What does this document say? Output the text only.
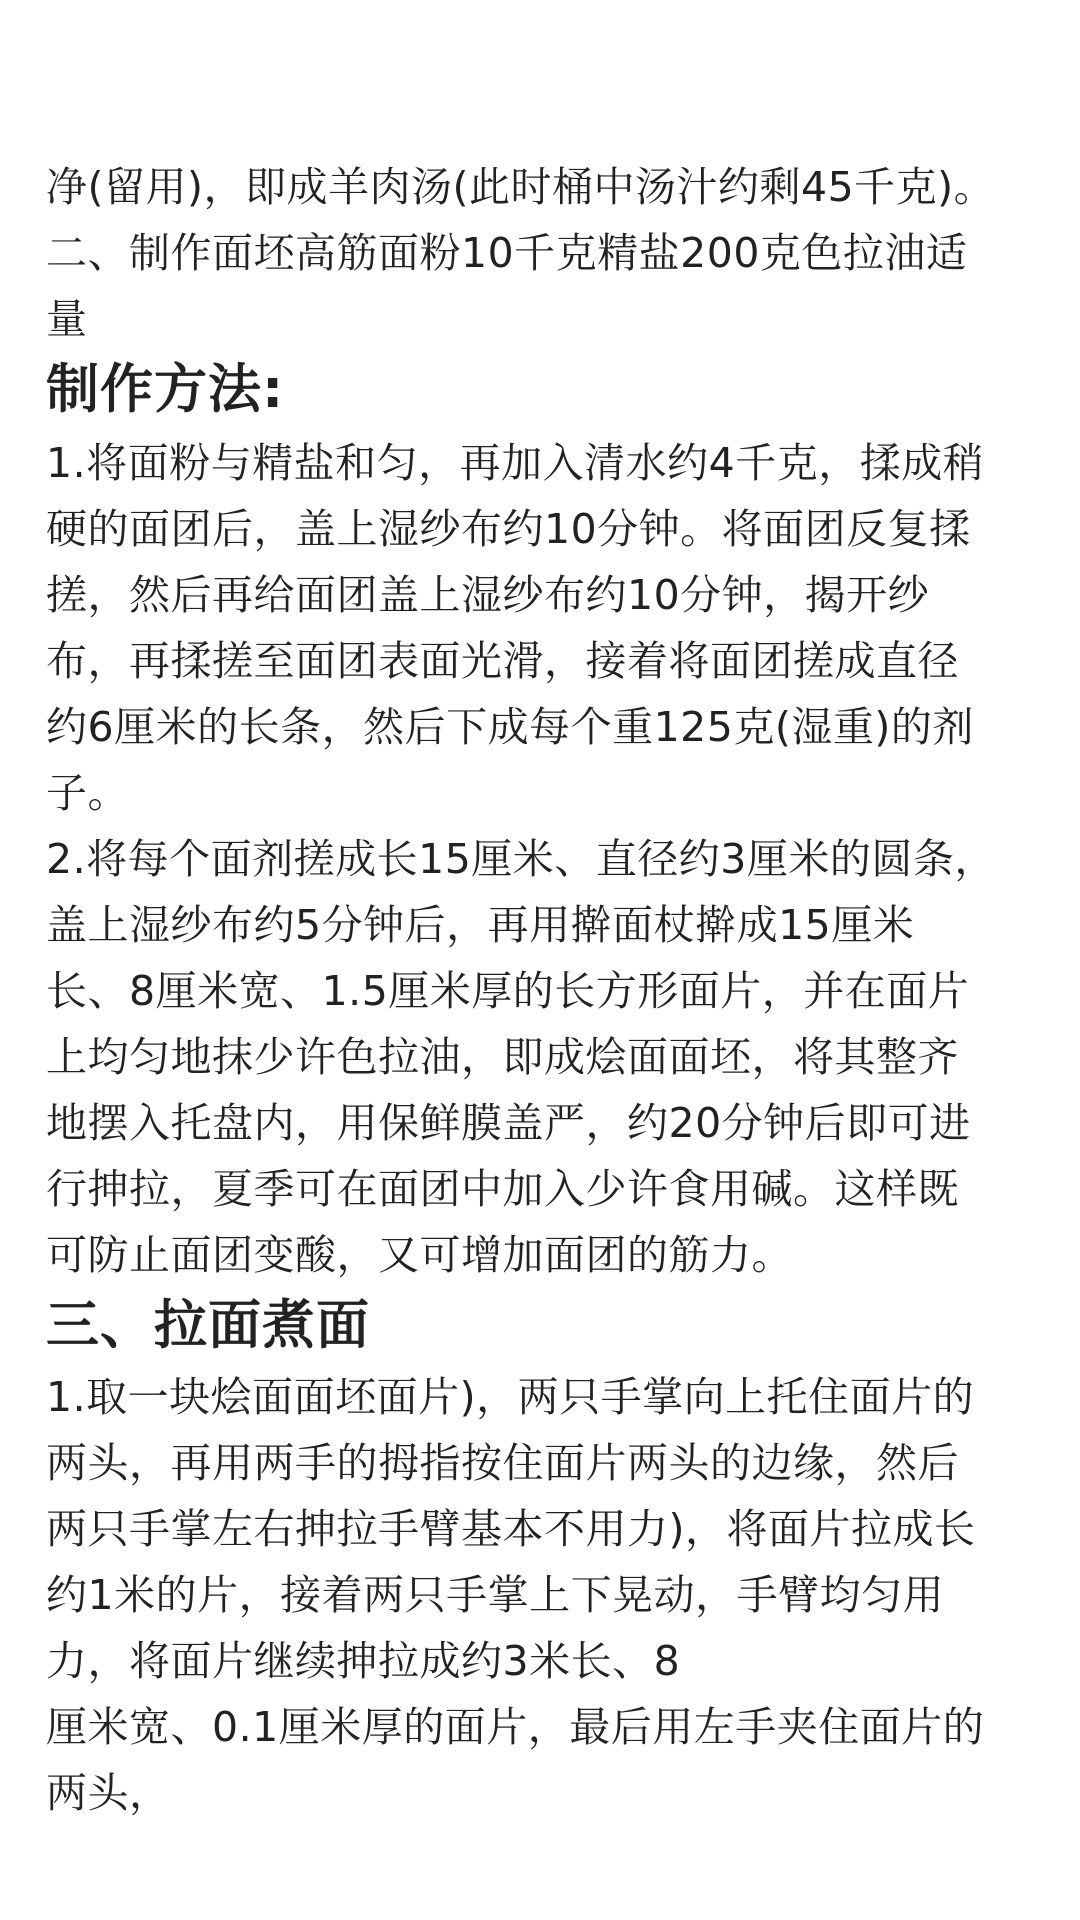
净(留用)，即成羊肉汤(此时桶中汤汁约剩45千克)。
二、制作面坯高筋面粉10千克精盐200克色拉油适
量

制作方法:

1.将面粉与精盐和匀，再加入清水约4千克，揉成稍
硬的面团后，盖上湿纱布约10分钟。将面团反复揉
搓，然后再给面团盖上湿纱布约10分钟，揭开纱
布，再揉搓至面团表面光滑，接着将面团搓成直径
约6厘米的长条，然后下成每个重125克(湿重)的剂
子。

2.将每个面剂搓成长15厘米、直径约3厘米的圆条，
盖上湿纱布约5分钟后，再用擀面杖擀成15厘米
长、8厘米宽、1.5厘米厚的长方形面片，并在面片
上均匀地抹少许色拉油，即成烩面面坯，将其整齐
地摆入托盘内，用保鲜膜盖严，约20分钟后即可进
行抻拉，夏季可在面团中加入少许食用碱。这样既
可防止面团变酸，又可增加面团的筋力。

三、拉面煮面

1.取一块烩面面坯面片)，两只手掌向上托住面片的
两头，再用两手的拇指按住面片两头的边缘，然后
两只手掌左右抻拉手臂基本不用力)，将面片拉成长
约1米的片，接着两只手掌上下晃动，手臂均匀用
力，将面片继续抻拉成约3米长、8
厘米宽、0.1厘米厚的面片，最后用左手夹住面片的
两头，
